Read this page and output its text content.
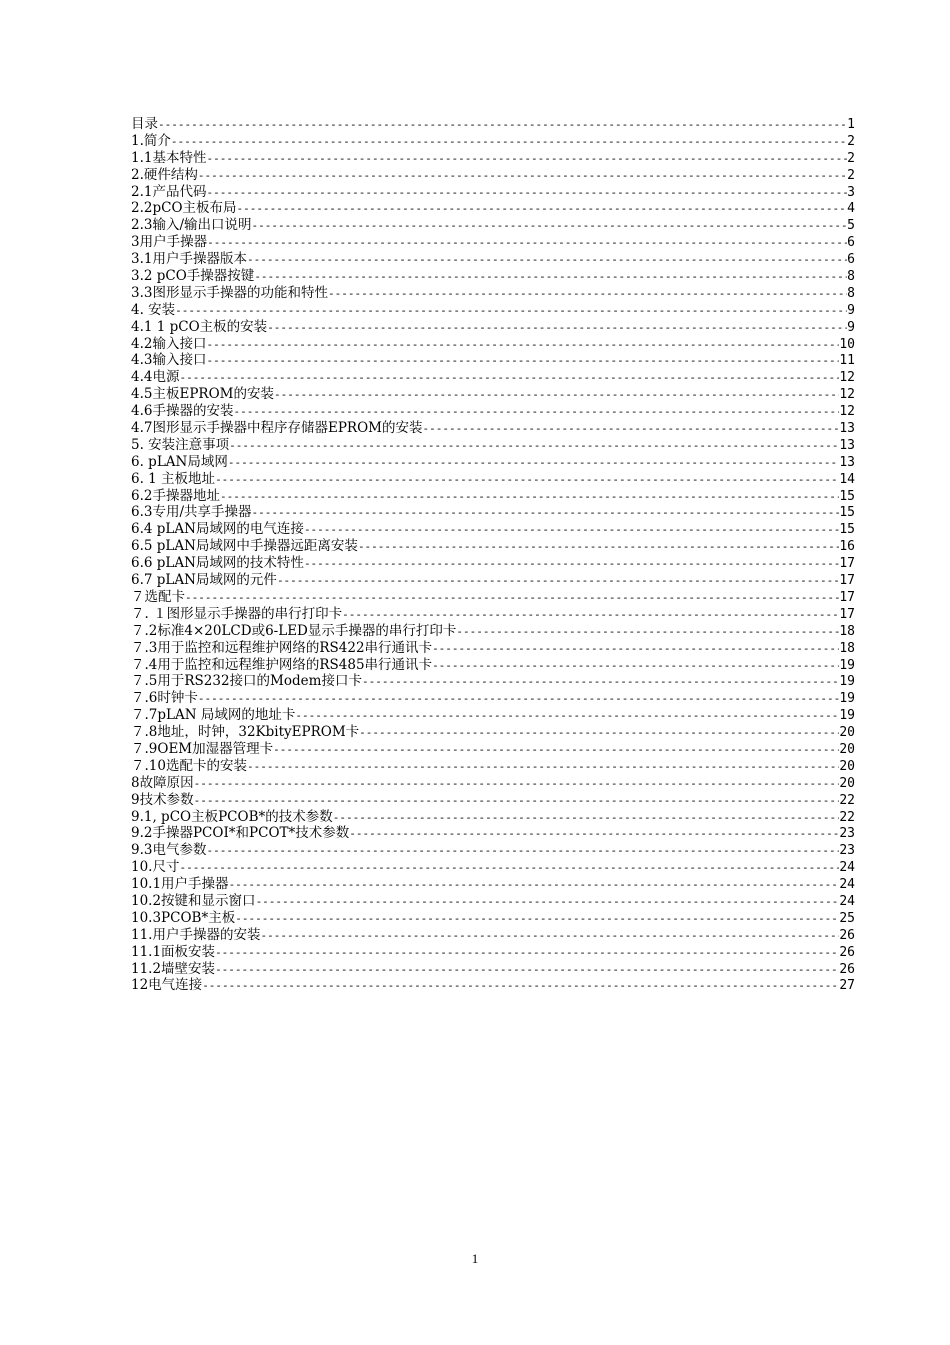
目录 -----	1
1.简介 -----	2
1.1基本特性 -----	2
2.硬件结构 -----	2
2.1产品代码 -----	3
2.2pCO主板布局 -----	4
2.3输入/输出口说明 -----	5
3用户手操器 -----	6
3.1用户手操器版本 -----	6
3.2 pCO手操器按键 -----	8
3.3图形显示手操器的功能和特性 -----	8
4. 安装 -----	9
4.1 1 pCO主板的安装 -----	9
4.2输入接口 -----	10
4.3输入接口 -----	11
4.4电源 -----	12
4.5主板EPROM的安装 -----	12
4.6手操器的安装 -----	12
4.7图形显示手操器中程序存储器EPROM的安装 -----	13
5. 安装注意事项 -----	13
6. pLAN局域网 -----	13
6. 1 主板地址 -----	14
6.2手操器地址 -----	15
6.3专用/共享手操器 -----	15
6.4 pLAN局域网的电气连接 -----	15
6.5 pLAN局域网中手操器远距离安装 -----	16
6.6 pLAN局域网的技术特性 -----	17
6.7 pLAN局域网的元件 -----	17
７选配卡 -----	17
７. １图形显示手操器的串行打印卡 -----	17
７.2标准4×20LCD或6-LED显示手操器的串行打印卡 -----	18
７.3用于监控和远程维护网络的RS422串行通讯卡 -----	18
７.4用于监控和远程维护网络的RS485串行通讯卡 -----	19
７.5用于RS232接口的Modem接口卡 -----	19
７.6时钟卡 -----	19
７.7pLAN 局域网的地址卡 -----	19
７.8地址，时钟，32KbityEPROM卡 -----	20
７.9OEM加湿器管理卡 -----	20
７.10选配卡的安装 -----	20
8故障原因 -----	20
9技术参数 -----	22
9.1, pCO主板PCOB*的技术参数 -----	22
9.2手操器PCOI*和PCOT*技术参数 -----	23
9.3电气参数 -----	23
10.尺寸 -----	24
10.1用户手操器 -----	24
10.2按键和显示窗口 -----	24
10.3PCOB*主板 -----	25
11.用户手操器的安装 -----	26
11.1面板安装 -----	26
11.2墙壁安装 -----	26
12电气连接 -----	27
1
